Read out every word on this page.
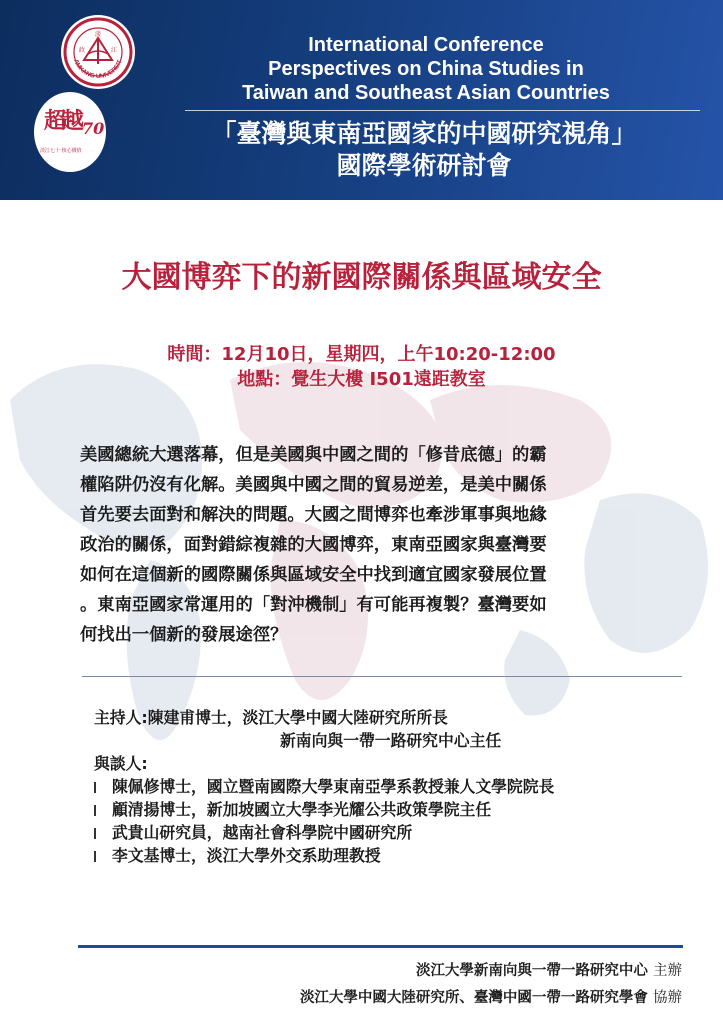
政
淡
江
AMKANG UNIVERSIT
超越 70
淡江七十‧核心價值
International Conference
Perspectives on China Studies in
Taiwan and Southeast Asian Countries
「臺灣與東南亞國家的中國研究視角」
國際學術研討會
大國博弈下的新國際關係與區域安全
時間：12月10日，星期四，上午10:20-12:00
地點：覺生大樓 I501遠距教室
美國總統大選落幕，但是美國與中國之間的「修昔底德」的霸
權陷阱仍沒有化解。美國與中國之間的貿易逆差，是美中關係
首先要去面對和解決的問題。大國之間博弈也牽涉軍事與地緣
政治的關係，面對錯綜複雜的大國博弈，東南亞國家與臺灣要
如何在這個新的國際關係與區域安全中找到適宜國家發展位置
。東南亞國家常運用的「對沖機制」有可能再複製？臺灣要如
何找出一個新的發展途徑？
主持人:陳建甫博士，淡江大學中國大陸研究所所長
新南向與一帶一路研究中心主任
與談人:
陳佩修博士，國立暨南國際大學東南亞學系教授兼人文學院院長
顧清揚博士，新加坡國立大學李光耀公共政策學院主任
武貴山研究員，越南社會科學院中國研究所
李文基博士，淡江大學外交系助理教授
淡江大學新南向與一帶一路研究中心 主辦
淡江大學中國大陸研究所、臺灣中國一帶一路研究學會 協辦
